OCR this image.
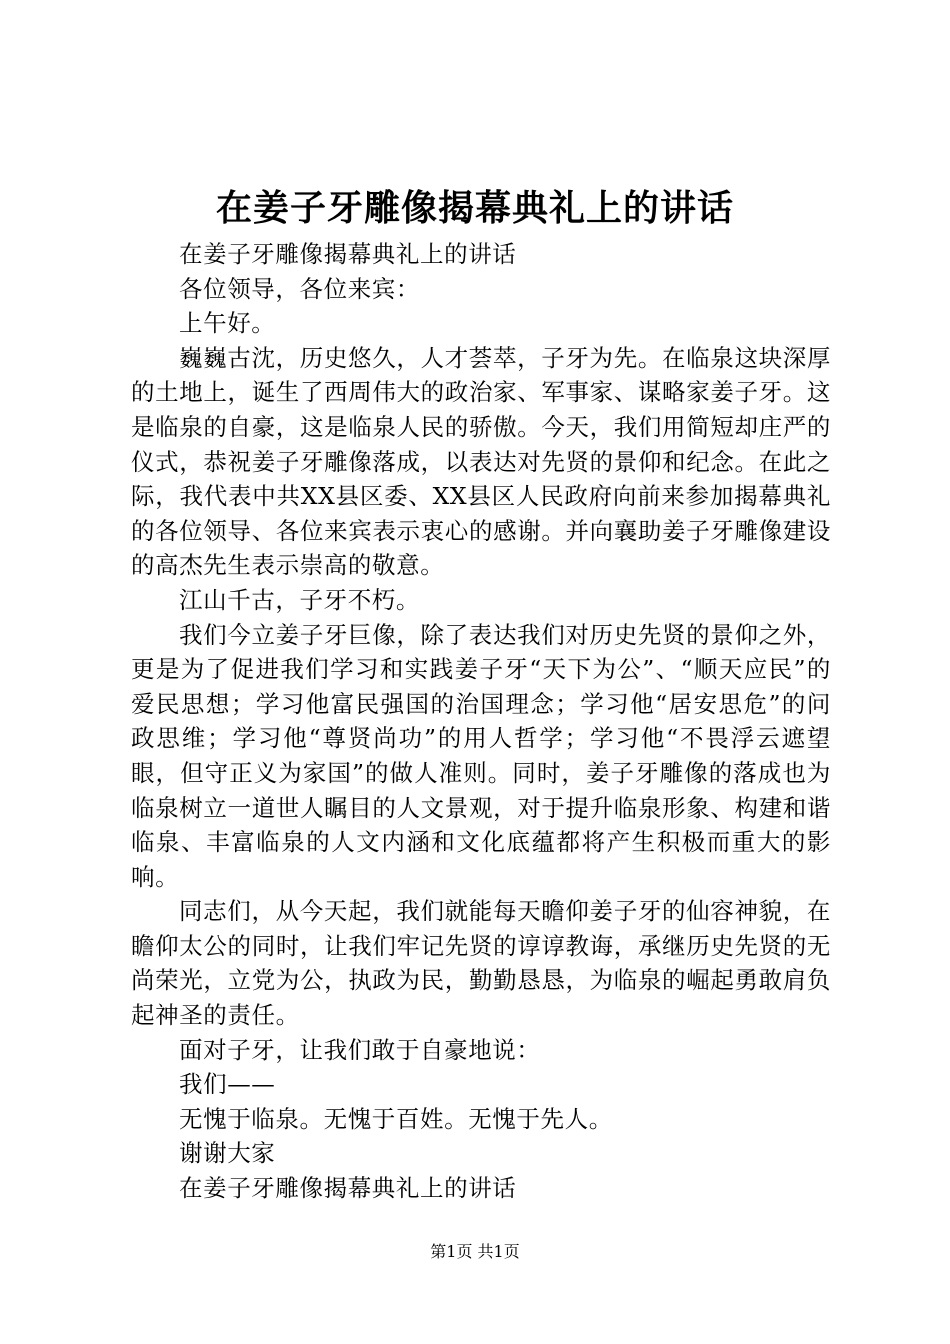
在姜子牙雕像揭幕典礼上的讲话

在姜子牙雕像揭幕典礼上的讲话

各位领导，各位来宾：

上午好。

巍巍古沈，历史悠久，人才荟萃，子牙为先。在临泉这块深厚的土地上，诞生了西周伟大的政治家、军事家、谋略家姜子牙。这是临泉的自豪，这是临泉人民的骄傲。今天，我们用简短却庄严的仪式，恭祝姜子牙雕像落成，以表达对先贤的景仰和纪念。在此之际，我代表中共XX县区委、XX县区人民政府向前来参加揭幕典礼的各位领导、各位来宾表示衷心的感谢。并向襄助姜子牙雕像建设的高杰先生表示崇高的敬意。

江山千古，子牙不朽。

我们今立姜子牙巨像，除了表达我们对历史先贤的景仰之外，更是为了促进我们学习和实践姜子牙“天下为公”、“顺天应民”的爱民思想；学习他富民强国的治国理念；学习他“居安思危”的问政思维；学习他“尊贤尚功”的用人哲学；学习他“不畏浮云遮望眼，但守正义为家国”的做人准则。同时，姜子牙雕像的落成也为临泉树立一道世人瞩目的人文景观，对于提升临泉形象、构建和谐临泉、丰富临泉的人文内涵和文化底蕴都将产生积极而重大的影响。

同志们，从今天起，我们就能每天瞻仰姜子牙的仙容神貌，在瞻仰太公的同时，让我们牢记先贤的谆谆教诲，承继历史先贤的无尚荣光，立党为公，执政为民，勤勤恳恳，为临泉的崛起勇敢肩负起神圣的责任。

面对子牙，让我们敢于自豪地说：

我们——

无愧于临泉。无愧于百姓。无愧于先人。

谢谢大家

在姜子牙雕像揭幕典礼上的讲话

第1页 共1页
